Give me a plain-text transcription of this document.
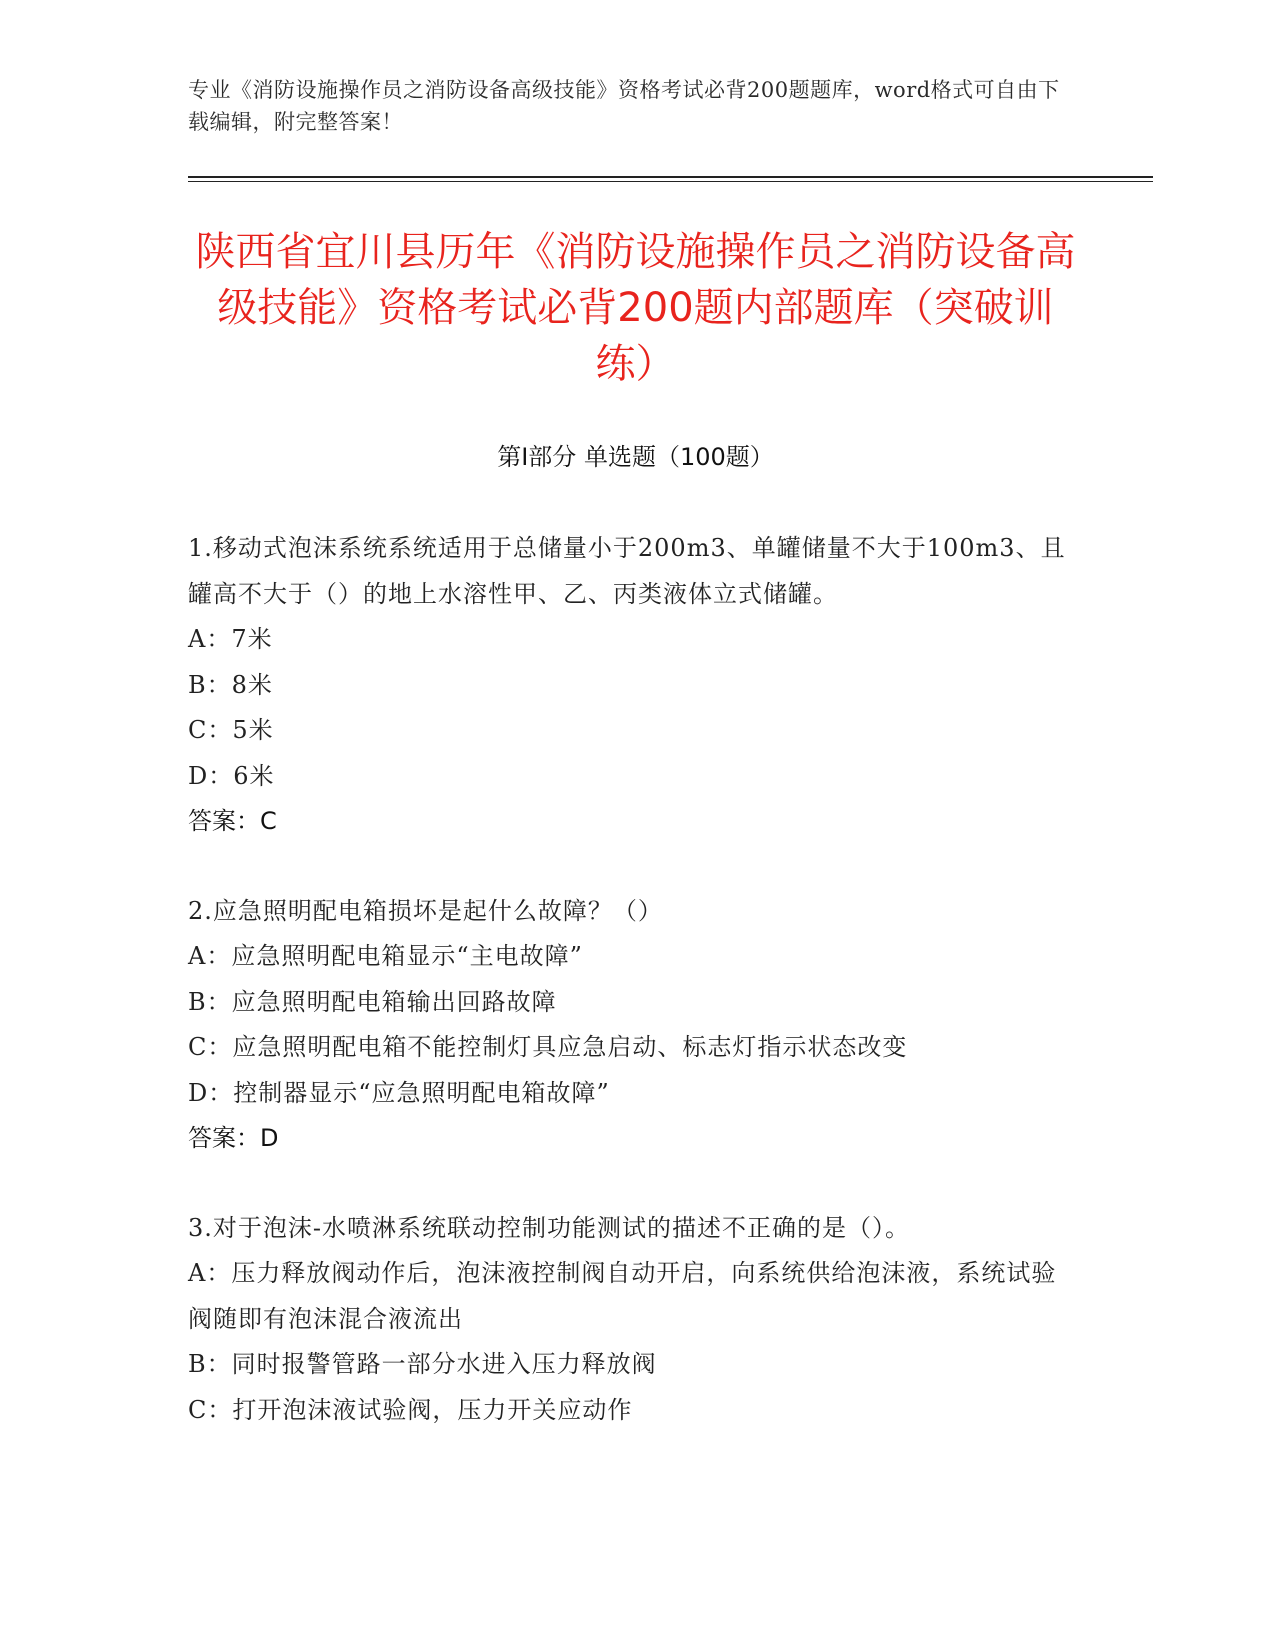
专业《消防设施操作员之消防设备高级技能》资格考试必背200题题库，word格式可自由下载编辑，附完整答案！
陕西省宜川县历年《消防设施操作员之消防设备高级技能》资格考试必背200题内部题库（突破训练）
第Ⅰ部分 单选题（100题）
1.移动式泡沫系统系统适用于总储量小于200m3、单罐储量不大于100m3、且罐高不大于（）的地上水溶性甲、乙、丙类液体立式储罐。
A：7米
B：8米
C：5米
D：6米
答案：C
2.应急照明配电箱损坏是起什么故障？（）
A：应急照明配电箱显示“主电故障”
B：应急照明配电箱输出回路故障
C：应急照明配电箱不能控制灯具应急启动、标志灯指示状态改变
D：控制器显示“应急照明配电箱故障”
答案：D
3.对于泡沫-水喷淋系统联动控制功能测试的描述不正确的是（）。
A：压力释放阀动作后，泡沫液控制阀自动开启，向系统供给泡沫液，系统试验阀随即有泡沫混合液流出
B：同时报警管路一部分水进入压力释放阀
C：打开泡沫液试验阀，压力开关应动作
